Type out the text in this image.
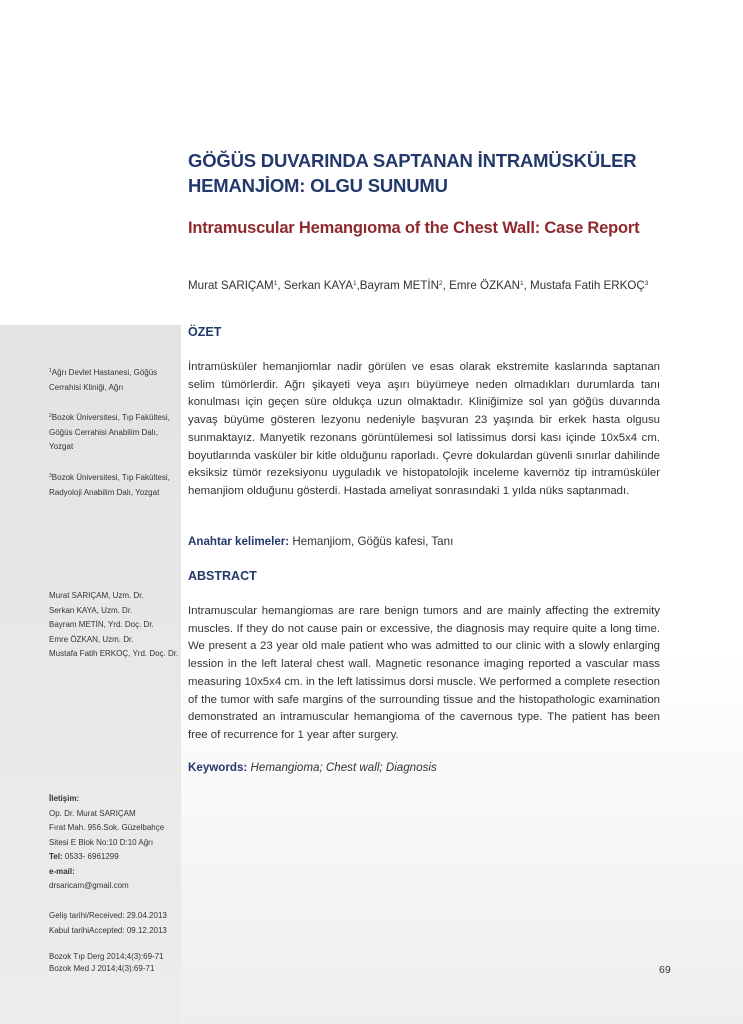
GÖĞÜS DUVARINDA SAPTANAN İNTRAMÜSKÜLER
HEMANJİOM: OLGU SUNUMU
Intramuscular Hemangıoma of the Chest Wall: Case Report
Murat SARIÇAM$^1$, Serkan KAYA$^1$,Bayram METİN$^2$, Emre ÖZKAN$^1$, Mustafa Fatih ERKOÇ$^3$
ÖZET
İntramüsküler hemanjiomlar nadir görülen ve esas olarak ekstremite kaslarında saptanan selim tümörlerdir. Ağrı şikayeti veya aşırı büyümeye neden olmadıkları durumlarda tanı konulması için geçen süre oldukça uzun olmaktadır. Kliniğimize sol yan göğüs duvarında yavaş büyüme gösteren lezyonu nedeniyle başvuran 23 yaşında bir erkek hasta olgusu sunmaktayız. Manyetik rezonans görüntülemesi sol latissimus dorsi kası içinde 10x5x4 cm. boyutlarında vasküler bir kitle olduğunu raporladı. Çevre dokulardan güvenli sınırlar dahilinde eksiksiz tümör rezeksiyonu uyguladık ve histopatolojik inceleme kavernöz tip intramüsküler hemanjiom olduğunu gösterdi. Hastada ameliyat sonrasındaki 1 yılda nüks saptanmadı.
Anahtar kelimeler: Hemanjiom, Göğüs kafesi, Tanı
ABSTRACT
Intramuscular hemangiomas are rare benign tumors and are mainly affecting the extremity muscles. If they do not cause pain or excessive, the diagnosis may require quite a long time. We present a 23 year old male patient who was admitted to our clinic with a slowly enlarging lession in the left lateral chest wall. Magnetic resonance imaging reported a vascular mass measuring 10x5x4 cm. in the left latissimus dorsi muscle. We performed a complete resection of the tumor with safe margins of the surrounding tissue and the histopathologic examination demonstrated an intramuscular hemangioma of the cavernous type. The patient has been free of recurrence for 1 year after surgery.
Keywords: Hemangioma; Chest wall; Diagnosis
$^1$Ağrı Devlet Hastanesi, Göğüs
Cerrahisi Kliniği, Ağrı
$^2$Bozok Üniversitesi, Tıp Fakültesi,
Göğüs Cerrahisi Anabilim Dalı,
Yozgat
$^3$Bozok Üniversitesi, Tıp Fakültesi,
Radyoloji Anabilim Dalı, Yozgat
Murat SARIÇAM, Uzm. Dr.
Serkan KAYA, Uzm. Dr.
Bayram METİN, Yrd. Doç. Dr.
Emre ÖZKAN, Uzm. Dr.
Mustafa Fatih ERKOÇ, Yrd. Doç. Dr.
İletişim:
Op. Dr. Murat SARIÇAM
Fırat Mah. 956.Sok. Güzelbahçe
Sitesi E Blok No:10 D:10 Ağrı
Tel: 0533- 6961299
e-mail:
drsaricam@gmail.com
Geliş tarihi/Received: 29.04.2013
Kabul tarihiAccepted: 09.12.2013
Bozok Tıp Derg 2014;4(3):69-71
Bozok Med J 2014;4(3):69-71	69
